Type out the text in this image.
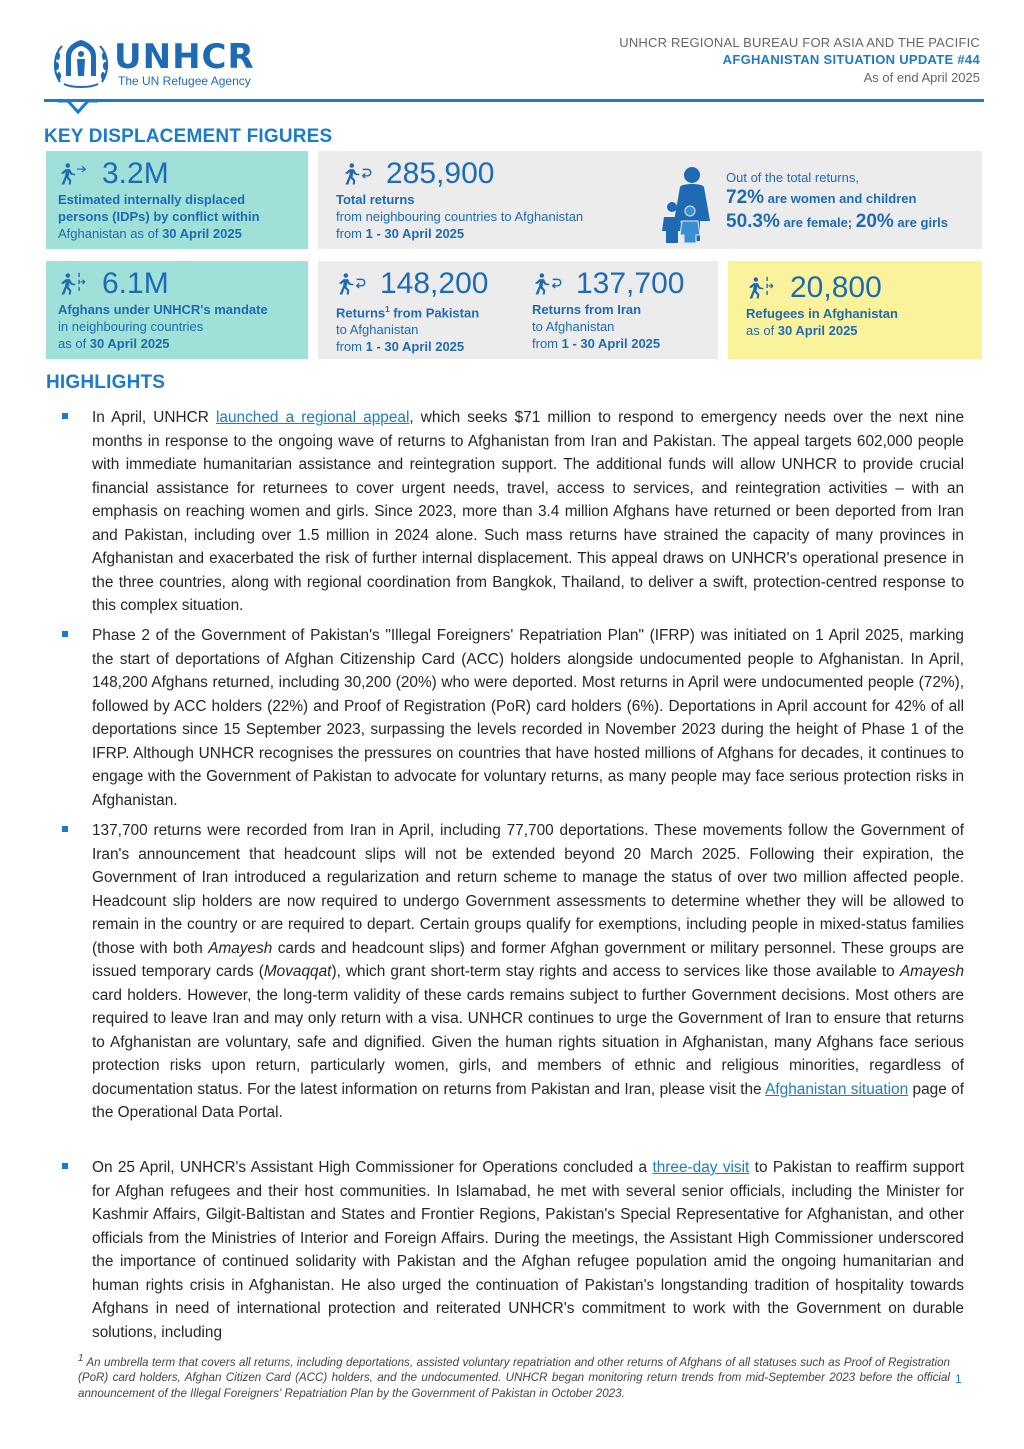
UNHCR
The UN Refugee Agency
UNHCR REGIONAL BUREAU FOR ASIA AND THE PACIFIC
AFGHANISTAN SITUATION UPDATE #44
As of end April 2025
KEY DISPLACEMENT FIGURES
3.2M
Estimated internally displaced
persons (IDPs) by conflict within
Afghanistan as of 30 April 2025
285,900
Total returns
from neighbouring countries to Afghanistan
from 1 - 30 April 2025
Out of the total returns,
72% are women and children
50.3% are female; 20% are girls
6.1M
Afghans under UNHCR's mandate
in neighbouring countries
as of 30 April 2025
148,200
Returns$^1$ from Pakistan
to Afghanistan
from 1 - 30 April 2025
137,700
Returns from Iran
to Afghanistan
from 1 - 30 April 2025
20,800
Refugees in Afghanistan
as of 30 April 2025
HIGHLIGHTS
In April, UNHCR launched a regional appeal, which seeks $71 million to respond to emergency needs over the next nine months in response to the ongoing wave of returns to Afghanistan from Iran and Pakistan. The appeal targets 602,000 people with immediate humanitarian assistance and reintegration support. The additional funds will allow UNHCR to provide crucial financial assistance for returnees to cover urgent needs, travel, access to services, and reintegration activities – with an emphasis on reaching women and girls. Since 2023, more than 3.4 million Afghans have returned or been deported from Iran and Pakistan, including over 1.5 million in 2024 alone. Such mass returns have strained the capacity of many provinces in Afghanistan and exacerbated the risk of further internal displacement. This appeal draws on UNHCR's operational presence in the three countries, along with regional coordination from Bangkok, Thailand, to deliver a swift, protection-centred response to this complex situation.
Phase 2 of the Government of Pakistan's "Illegal Foreigners' Repatriation Plan" (IFRP) was initiated on 1 April 2025, marking the start of deportations of Afghan Citizenship Card (ACC) holders alongside undocumented people to Afghanistan. In April, 148,200 Afghans returned, including 30,200 (20%) who were deported. Most returns in April were undocumented people (72%), followed by ACC holders (22%) and Proof of Registration (PoR) card holders (6%). Deportations in April account for 42% of all deportations since 15 September 2023, surpassing the levels recorded in November 2023 during the height of Phase 1 of the IFRP. Although UNHCR recognises the pressures on countries that have hosted millions of Afghans for decades, it continues to engage with the Government of Pakistan to advocate for voluntary returns, as many people may face serious protection risks in Afghanistan.
137,700 returns were recorded from Iran in April, including 77,700 deportations. These movements follow the Government of Iran's announcement that headcount slips will not be extended beyond 20 March 2025. Following their expiration, the Government of Iran introduced a regularization and return scheme to manage the status of over two million affected people. Headcount slip holders are now required to undergo Government assessments to determine whether they will be allowed to remain in the country or are required to depart. Certain groups qualify for exemptions, including people in mixed-status families (those with both Amayesh cards and headcount slips) and former Afghan government or military personnel. These groups are issued temporary cards (Movaqqat), which grant short-term stay rights and access to services like those available to Amayesh card holders. However, the long-term validity of these cards remains subject to further Government decisions. Most others are required to leave Iran and may only return with a visa. UNHCR continues to urge the Government of Iran to ensure that returns to Afghanistan are voluntary, safe and dignified. Given the human rights situation in Afghanistan, many Afghans face serious protection risks upon return, particularly women, girls, and members of ethnic and religious minorities, regardless of documentation status. For the latest information on returns from Pakistan and Iran, please visit the Afghanistan situation page of the Operational Data Portal.
On 25 April, UNHCR's Assistant High Commissioner for Operations concluded a three-day visit to Pakistan to reaffirm support for Afghan refugees and their host communities. In Islamabad, he met with several senior officials, including the Minister for Kashmir Affairs, Gilgit-Baltistan and States and Frontier Regions, Pakistan's Special Representative for Afghanistan, and other officials from the Ministries of Interior and Foreign Affairs. During the meetings, the Assistant High Commissioner underscored the importance of continued solidarity with Pakistan and the Afghan refugee population amid the ongoing humanitarian and human rights crisis in Afghanistan. He also urged the continuation of Pakistan's longstanding tradition of hospitality towards Afghans in need of international protection and reiterated UNHCR's commitment to work with the Government on durable solutions, including
$^1$ An umbrella term that covers all returns, including deportations, assisted voluntary repatriation and other returns of Afghans of all statuses such as Proof of Registration (PoR) card holders, Afghan Citizen Card (ACC) holders, and the undocumented. UNHCR began monitoring return trends from mid-September 2023 before the official announcement of the Illegal Foreigners' Repatriation Plan by the Government of Pakistan in October 2023.
1
